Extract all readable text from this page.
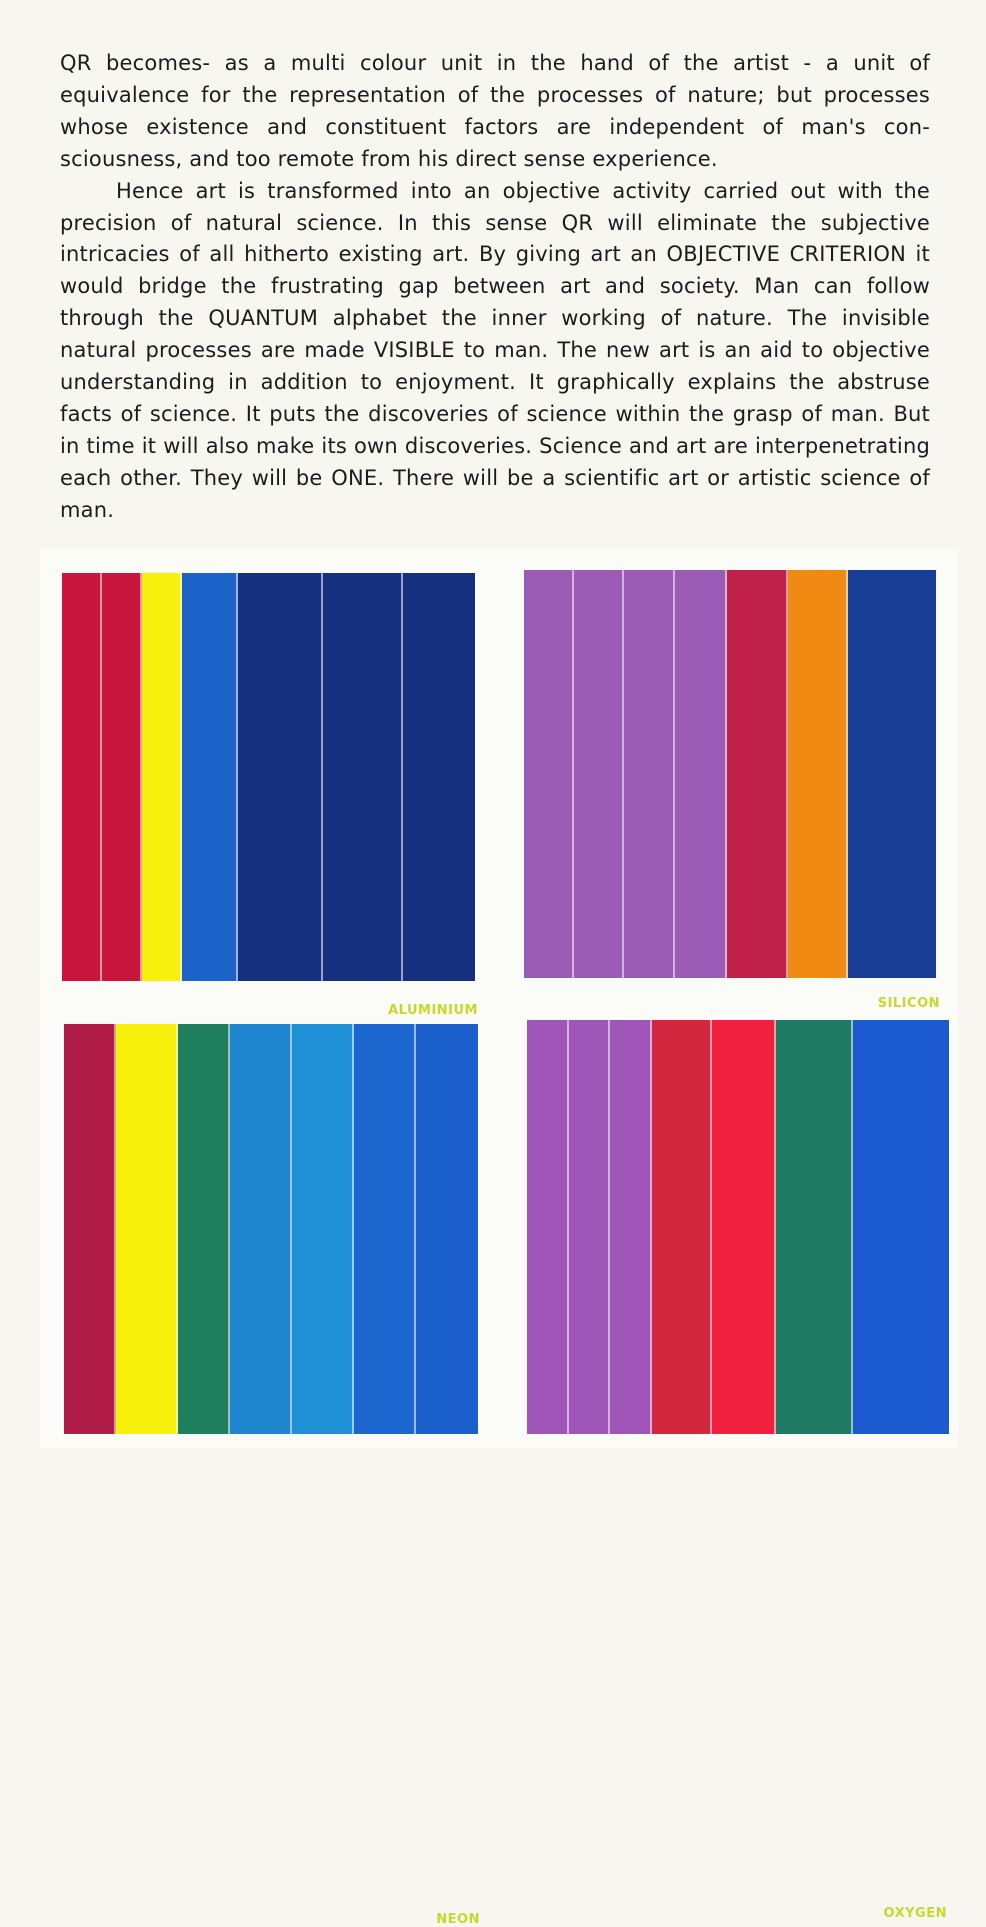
QR becomes- as a multi colour unit in the hand of the artist - a unit of equivalence for the representation of the processes of nature; but processes whose existence and constituent factors are independent of man's con-sciousness, and too remote from his direct sense experience.

Hence art is transformed into an objective activity carried out with the precision of natural science. In this sense QR will eliminate the subjective intricacies of all hitherto existing art. By giving art an OBJECTIVE CRITERION it would bridge the frustrating gap between art and society. Man can follow through the QUANTUM alphabet the inner working of nature. The invisible natural processes are made VISIBLE to man. The new art is an aid to objective understanding in addition to enjoyment. It graphically explains the abstruse facts of science. It puts the discoveries of science within the grasp of man. But in time it will also make its own discoveries. Science and art are interpenetrating each other. They will be ONE. There will be a scientific art or artistic science of man.

ALUMINIUM	SILICON
NEON	OXYGEN
